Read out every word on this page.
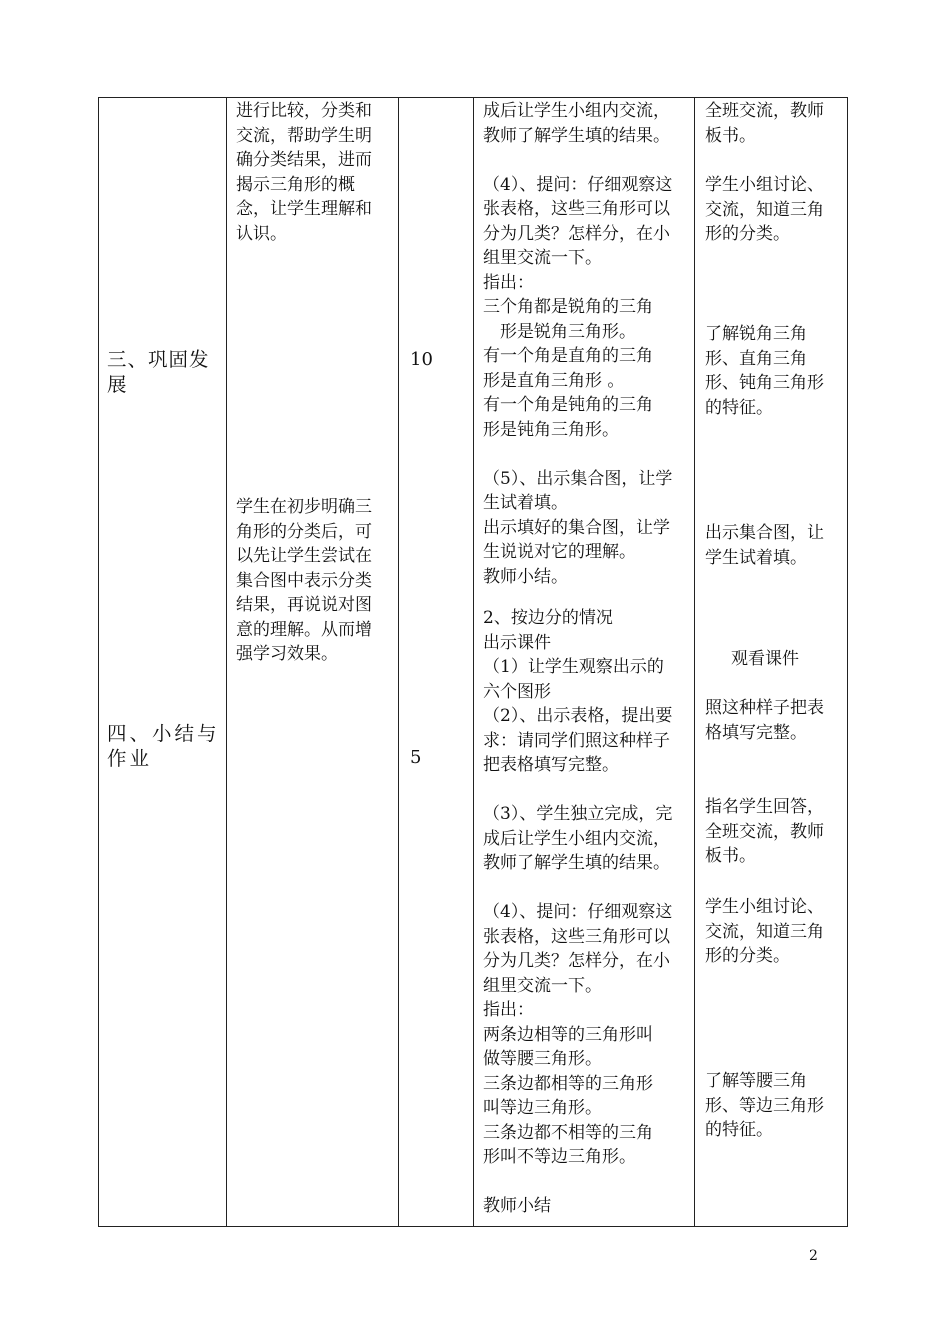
三、巩固发展
四、小结与作业
进行比较，分类和
交流，帮助学生明
确分类结果，进而
揭示三角形的概
念，让学生理解和
认识。
学生在初步明确三
角形的分类后，可
以先让学生尝试在
集合图中表示分类
结果，再说说对图
意的理解。从而增
强学习效果。
10
5
成后让学生小组内交流，
教师了解学生填的结果。
（4）、提问：仔细观察这
张表格，这些三角形可以
分为几类？怎样分，在小
组里交流一下。
指出：
三个角都是锐角的三角
　形是锐角三角形。
有一个角是直角的三角
形是直角三角形 。
有一个角是钝角的三角
形是钝角三角形。
（5）、出示集合图，让学
生试着填。
出示填好的集合图，让学
生说说对它的理解。
教师小结。
2、按边分的情况
出示课件
（1）让学生观察出示的
六个图形
（2）、出示表格，提出要
求：请同学们照这种样子
把表格填写完整。
（3）、学生独立完成，完
成后让学生小组内交流，
教师了解学生填的结果。
（4）、提问：仔细观察这
张表格，这些三角形可以
分为几类？怎样分，在小
组里交流一下。
指出：
两条边相等的三角形叫
做等腰三角形。
三条边都相等的三角形
叫等边三角形。
三条边都不相等的三角
形叫不等边三角形。
教师小结
全班交流，教师
板书。
学生小组讨论、
交流，知道三角
形的分类。
了解锐角三角
形、直角三角
形、钝角三角形
的特征。
出示集合图，让
学生试着填。
观看课件
照这种样子把表
格填写完整。
指名学生回答，
全班交流，教师
板书。
学生小组讨论、
交流，知道三角
形的分类。
了解等腰三角
形、等边三角形
的特征。
2
